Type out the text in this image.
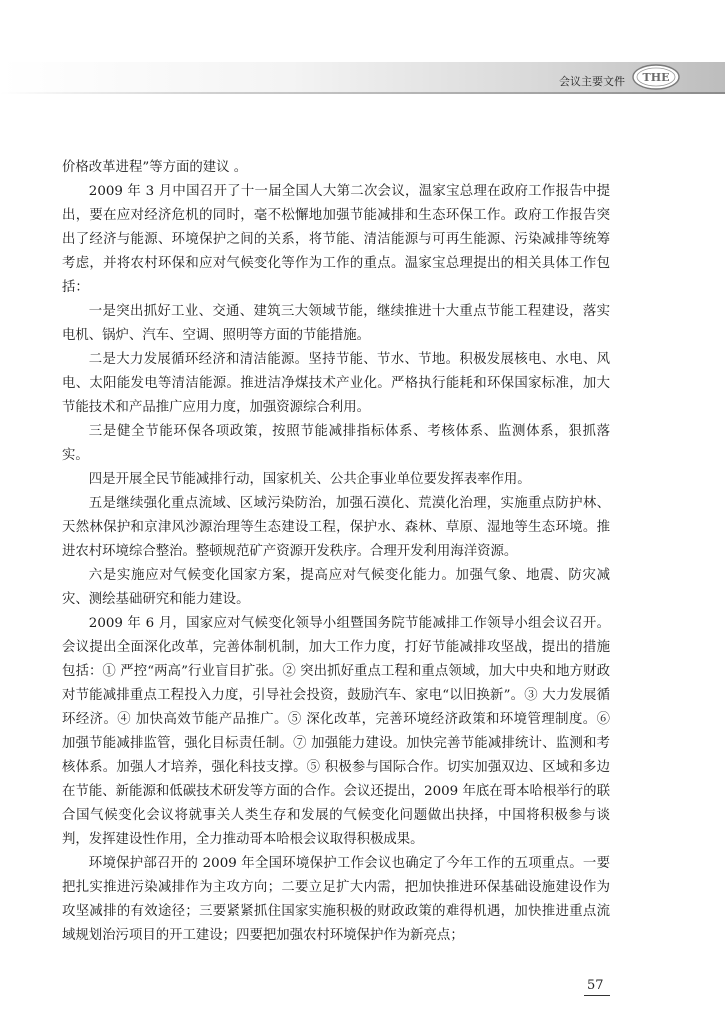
会议主要文件 THE

价格改革进程”等方面的建议 。

2009 年 3 月中国召开了十一届全国人大第二次会议，温家宝总理在政府工作报告中提出，要在应对经济危机的同时，毫不松懈地加强节能减排和生态环保工作。政府工作报告突出了经济与能源、环境保护之间的关系，将节能、清洁能源与可再生能源、污染减排等统筹考虑，并将农村环保和应对气候变化等作为工作的重点。温家宝总理提出的相关具体工作包括：

一是突出抓好工业、交通、建筑三大领域节能，继续推进十大重点节能工程建设，落实电机、锅炉、汽车、空调、照明等方面的节能措施。

二是大力发展循环经济和清洁能源。坚持节能、节水、节地。积极发展核电、水电、风电、太阳能发电等清洁能源。推进洁净煤技术产业化。严格执行能耗和环保国家标准，加大节能技术和产品推广应用力度，加强资源综合利用。

三是健全节能环保各项政策，按照节能减排指标体系、考核体系、监测体系，狠抓落实。

四是开展全民节能减排行动，国家机关、公共企事业单位要发挥表率作用。

五是继续强化重点流域、区域污染防治，加强石漠化、荒漠化治理，实施重点防护林、天然林保护和京津风沙源治理等生态建设工程，保护水、森林、草原、湿地等生态环境。推进农村环境综合整治。整顿规范矿产资源开发秩序。合理开发利用海洋资源。

六是实施应对气候变化国家方案，提高应对气候变化能力。加强气象、地震、防灾减灾、测绘基础研究和能力建设。

2009 年 6 月，国家应对气候变化领导小组暨国务院节能减排工作领导小组会议召开。会议提出全面深化改革，完善体制机制，加大工作力度，打好节能减排攻坚战，提出的措施包括：① 严控“两高”行业盲目扩张。② 突出抓好重点工程和重点领域，加大中央和地方财政对节能减排重点工程投入力度，引导社会投资，鼓励汽车、家电“以旧换新”。③ 大力发展循环经济。④ 加快高效节能产品推广。⑤ 深化改革，完善环境经济政策和环境管理制度。⑥ 加强节能减排监管，强化目标责任制。⑦ 加强能力建设。加快完善节能减排统计、监测和考核体系。加强人才培养，强化科技支撑。⑤ 积极参与国际合作。切实加强双边、区域和多边在节能、新能源和低碳技术研发等方面的合作。会议还提出，2009 年底在哥本哈根举行的联合国气候变化会议将就事关人类生存和发展的气候变化问题做出抉择，中国将积极参与谈判，发挥建设性作用，全力推动哥本哈根会议取得积极成果。

环境保护部召开的 2009 年全国环境保护工作会议也确定了今年工作的五项重点。一要把扎实推进污染减排作为主攻方向；二要立足扩大内需，把加快推进环保基础设施建设作为攻坚减排的有效途径；三要紧紧抓住国家实施积极的财政政策的难得机遇，加快推进重点流域规划治污项目的开工建设；四要把加强农村环境保护作为新亮点；

57
